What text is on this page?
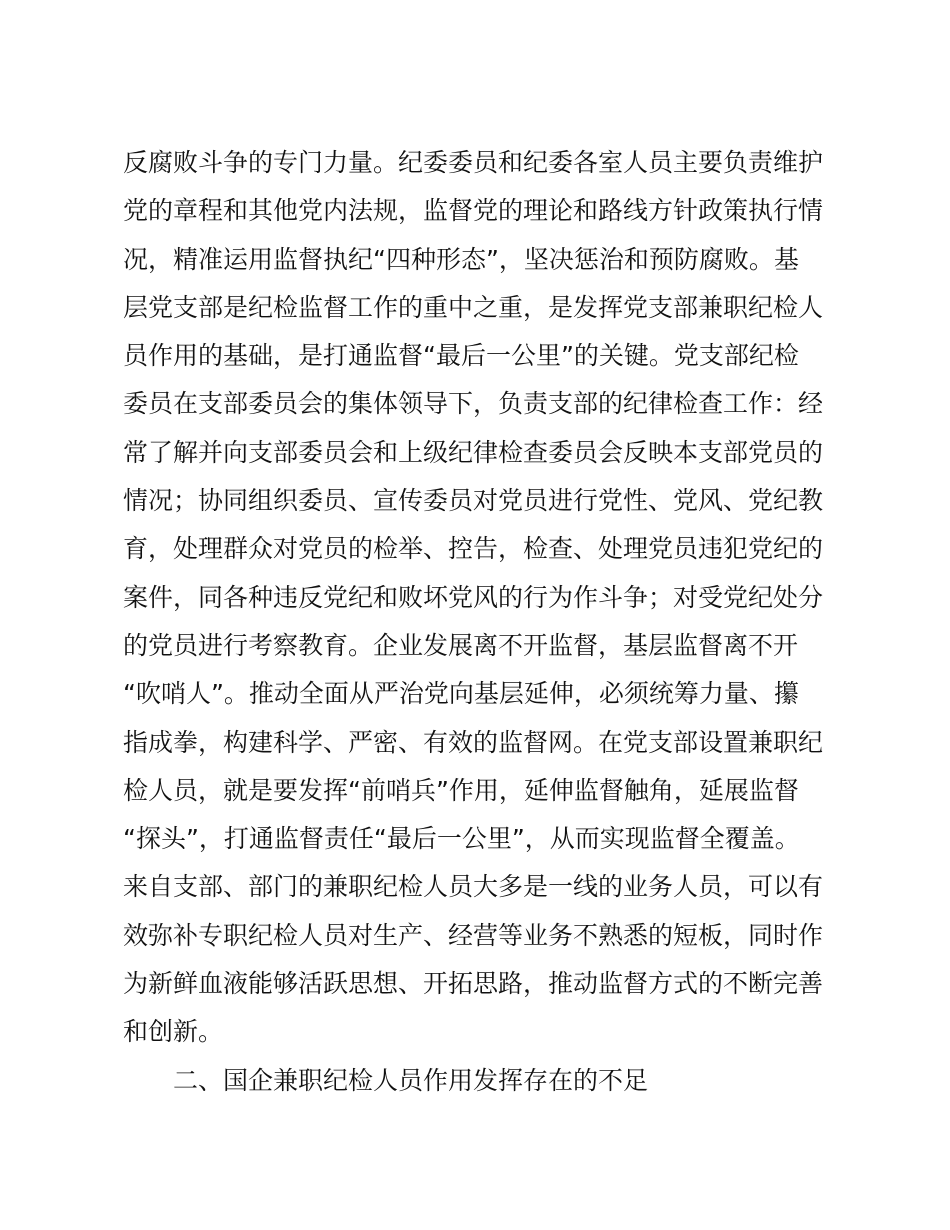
反腐败斗争的专门力量。纪委委员和纪委各室人员主要负责维护
党的章程和其他党内法规，监督党的理论和路线方针政策执行情
况，精准运用监督执纪“四种形态”，坚决惩治和预防腐败。基
层党支部是纪检监督工作的重中之重，是发挥党支部兼职纪检人
员作用的基础，是打通监督“最后一公里”的关键。党支部纪检
委员在支部委员会的集体领导下，负责支部的纪律检查工作：经
常了解并向支部委员会和上级纪律检查委员会反映本支部党员的
情况；协同组织委员、宣传委员对党员进行党性、党风、党纪教
育，处理群众对党员的检举、控告，检查、处理党员违犯党纪的
案件，同各种违反党纪和败坏党风的行为作斗争；对受党纪处分
的党员进行考察教育。企业发展离不开监督，基层监督离不开
“吹哨人”。推动全面从严治党向基层延伸，必须统筹力量、攥
指成拳，构建科学、严密、有效的监督网。在党支部设置兼职纪
检人员，就是要发挥“前哨兵”作用，延伸监督触角，延展监督
“探头”，打通监督责任“最后一公里”，从而实现监督全覆盖。
来自支部、部门的兼职纪检人员大多是一线的业务人员，可以有
效弥补专职纪检人员对生产、经营等业务不熟悉的短板，同时作
为新鲜血液能够活跃思想、开拓思路，推动监督方式的不断完善
和创新。
二、国企兼职纪检人员作用发挥存在的不足
